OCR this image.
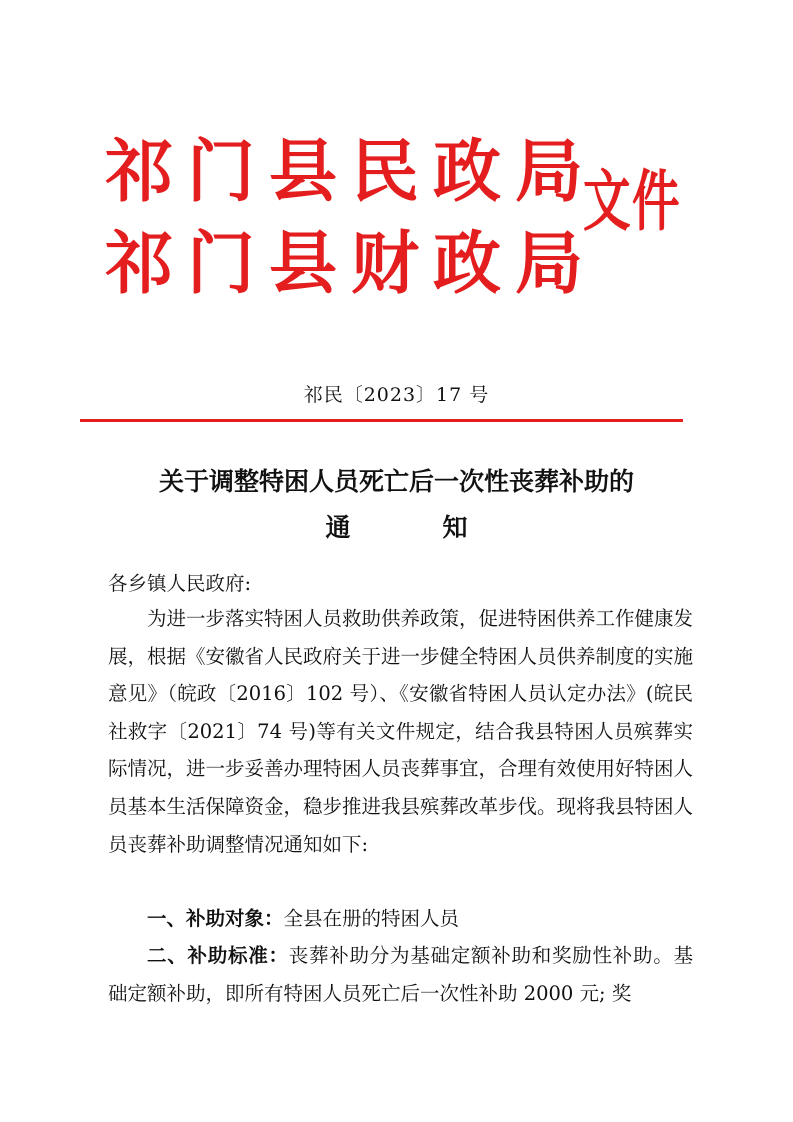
祁门县民政局
祁门县财政局
文件
祁民〔2023〕17 号
关于调整特困人员死亡后一次性丧葬补助的
通	知
各乡镇人民政府:
为进一步落实特困人员救助供养政策，促进特困供养工作健康发展，根据《安徽省人民政府关于进一步健全特困人员供养制度的实施意见》（皖政〔2016〕102 号）、《安徽省特困人员认定办法》(皖民社救字〔2021〕74 号)等有关文件规定，结合我县特困人员殡葬实际情况，进一步妥善办理特困人员丧葬事宜，合理有效使用好特困人员基本生活保障资金，稳步推进我县殡葬改革步伐。现将我县特困人员丧葬补助调整情况通知如下:
一、补助对象：全县在册的特困人员
二、补助标准：丧葬补助分为基础定额补助和奖励性补助。基础定额补助，即所有特困人员死亡后一次性补助 2000 元; 奖
